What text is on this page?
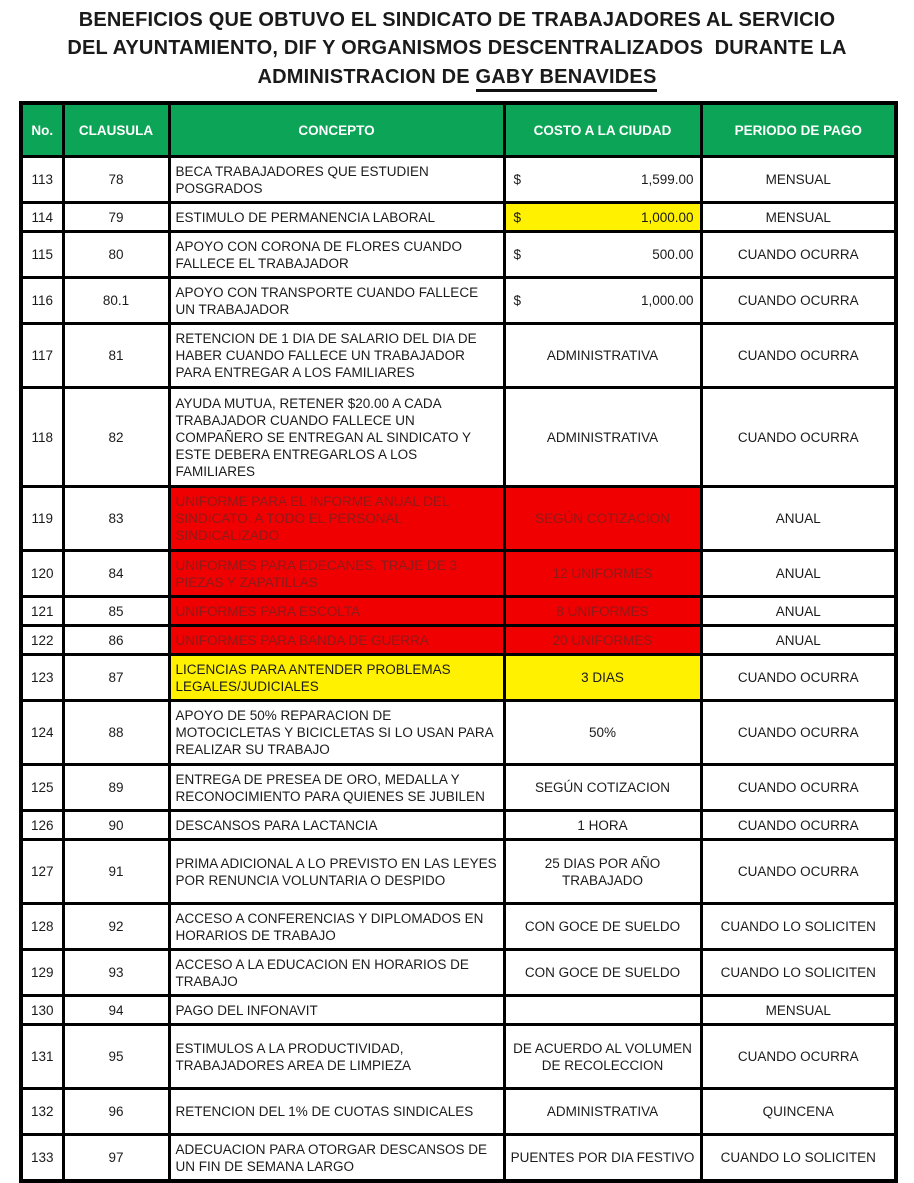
BENEFICIOS QUE OBTUVO EL SINDICATO DE TRABAJADORES AL SERVICIO
DEL AYUNTAMIENTO, DIF Y ORGANISMOS DESCENTRALIZADOS  DURANTE LA
ADMINISTRACION DE GABY BENAVIDES
No.	CLAUSULA	CONCEPTO	COSTO A LA CIUDAD	PERIODO DE PAGO
113	78	BECA TRABAJADORES QUE ESTUDIEN POSGRADOS	$ 1,599.00	MENSUAL
114	79	ESTIMULO DE PERMANENCIA LABORAL	$ 1,000.00	MENSUAL
115	80	APOYO CON CORONA DE FLORES CUANDO FALLECE EL TRABAJADOR	$ 500.00	CUANDO OCURRA
116	80.1	APOYO CON TRANSPORTE CUANDO FALLECE UN TRABAJADOR	$ 1,000.00	CUANDO OCURRA
117	81	RETENCION DE 1 DIA DE SALARIO DEL DIA DE HABER CUANDO FALLECE UN TRABAJADOR PARA ENTREGAR A LOS FAMILIARES	ADMINISTRATIVA	CUANDO OCURRA
118	82	AYUDA MUTUA, RETENER $20.00 A CADA TRABAJADOR CUANDO FALLECE UN COMPAÑERO SE ENTREGAN AL SINDICATO Y ESTE DEBERA ENTREGARLOS A LOS FAMILIARES	ADMINISTRATIVA	CUANDO OCURRA
119	83	UNIFORME PARA EL INFORME ANUAL DEL SINDICATO. A TODO EL PERSONAL SINDICALIZADO	SEGÚN COTIZACION	ANUAL
120	84	UNIFORMES PARA EDECANES, TRAJE DE 3 PIEZAS Y ZAPATILLAS	12 UNIFORMES	ANUAL
121	85	UNIFORMES PARA ESCOLTA	8 UNIFORMES	ANUAL
122	86	UNIFORMES PARA BANDA DE GUERRA	20 UNIFORMES	ANUAL
123	87	LICENCIAS PARA ANTENDER PROBLEMAS LEGALES/JUDICIALES	3 DIAS	CUANDO OCURRA
124	88	APOYO DE 50% REPARACION DE MOTOCICLETAS Y BICICLETAS SI LO USAN PARA REALIZAR SU TRABAJO	50%	CUANDO OCURRA
125	89	ENTREGA DE PRESEA DE ORO, MEDALLA Y RECONOCIMIENTO PARA QUIENES SE JUBILEN	SEGÚN COTIZACION	CUANDO OCURRA
126	90	DESCANSOS PARA LACTANCIA	1 HORA	CUANDO OCURRA
127	91	PRIMA ADICIONAL A LO PREVISTO EN LAS LEYES POR RENUNCIA VOLUNTARIA O DESPIDO	25 DIAS POR AÑO TRABAJADO	CUANDO OCURRA
128	92	ACCESO A CONFERENCIAS Y DIPLOMADOS EN HORARIOS DE TRABAJO	CON GOCE DE SUELDO	CUANDO LO SOLICITEN
129	93	ACCESO A LA EDUCACION EN HORARIOS DE TRABAJO	CON GOCE DE SUELDO	CUANDO LO SOLICITEN
130	94	PAGO DEL INFONAVIT		MENSUAL
131	95	ESTIMULOS A LA PRODUCTIVIDAD, TRABAJADORES AREA DE LIMPIEZA	DE ACUERDO AL VOLUMEN DE RECOLECCION	CUANDO OCURRA
132	96	RETENCION DEL 1% DE CUOTAS SINDICALES	ADMINISTRATIVA	QUINCENA
133	97	ADECUACION PARA OTORGAR DESCANSOS DE UN FIN DE SEMANA LARGO	PUENTES POR DIA FESTIVO	CUANDO LO SOLICITEN
